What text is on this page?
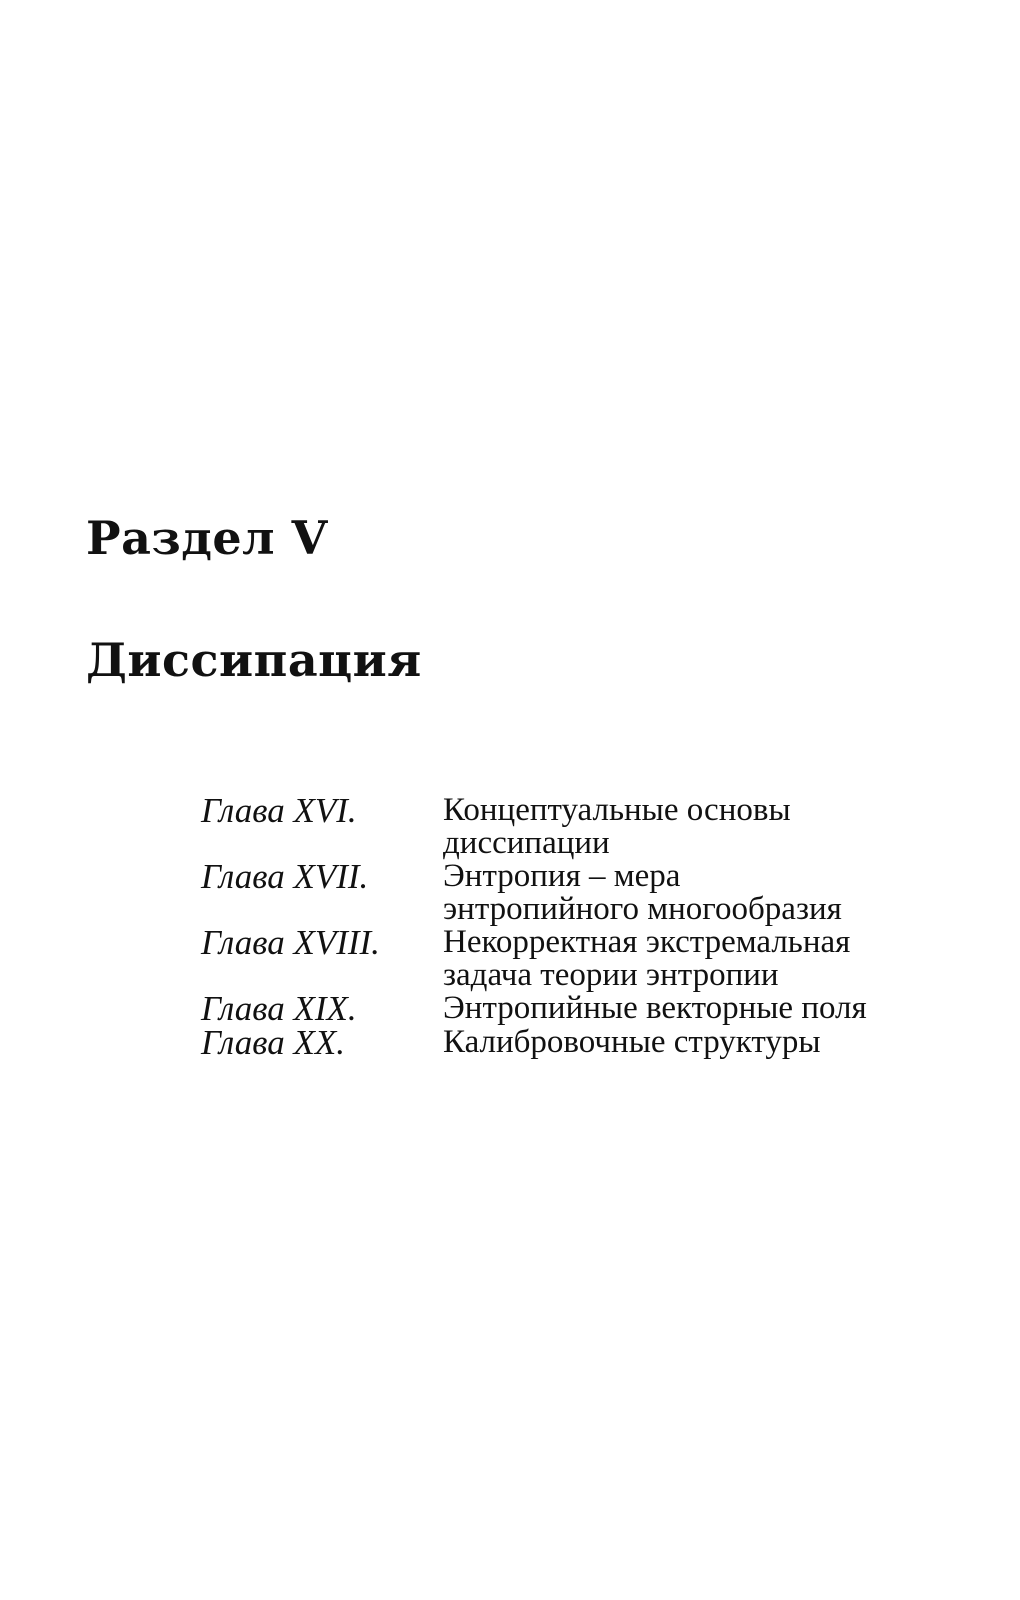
Раздел V
Диссипация
Глава XVI.	Концептуальные основы
диссипации
Глава XVII.	Энтропия – мера
энтропийного многообразия
Глава XVIII.	Некорректная экстремальная
задача теории энтропии
Глава XIX.	Энтропийные векторные поля
Глава XX.	Калибровочные структуры
